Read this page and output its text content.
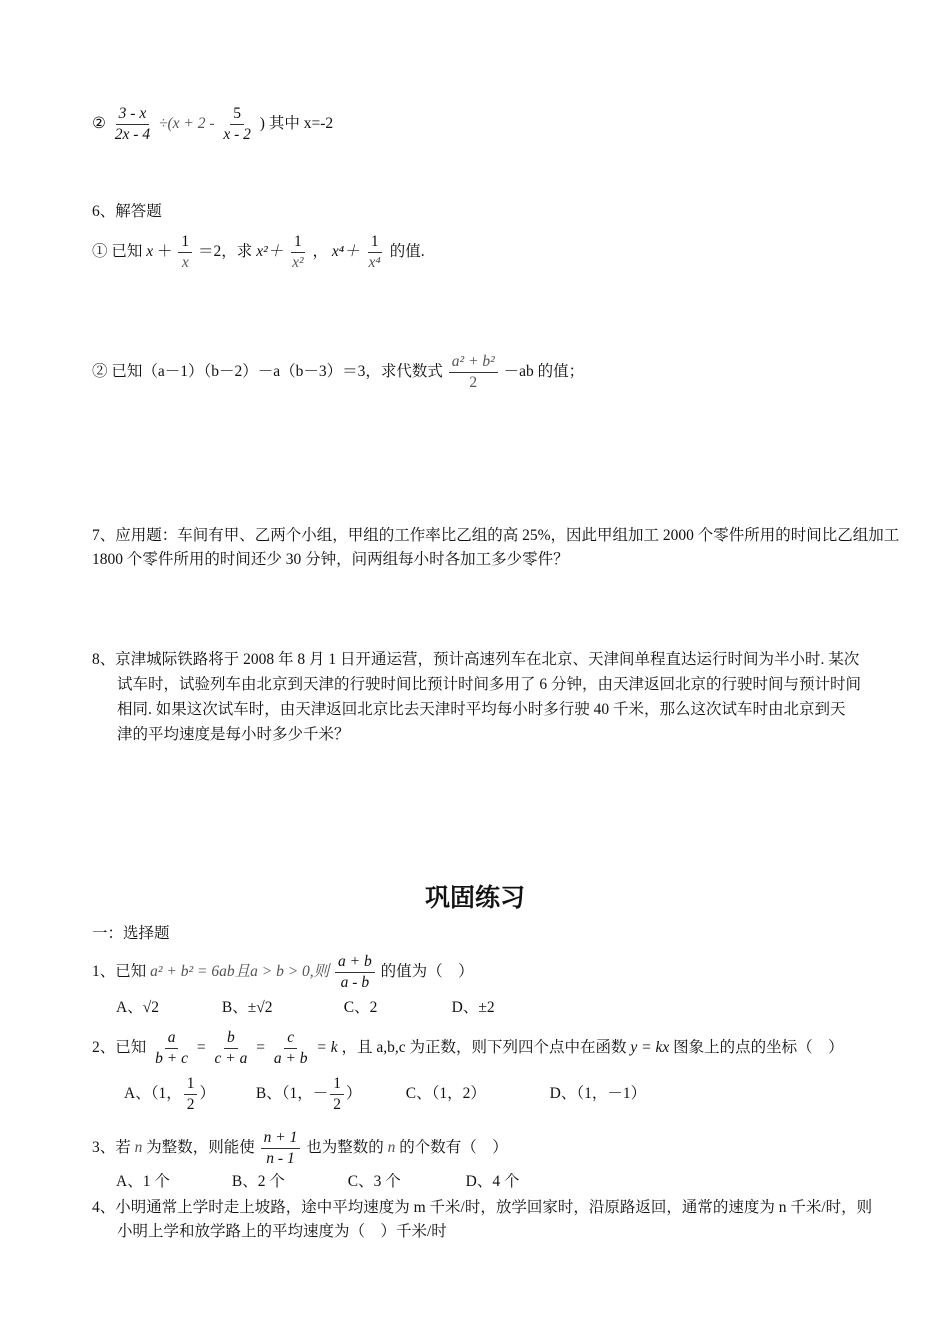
② $\frac{3 - x}{2x - 4} \div(x + 2 - \frac{5}{x - 2}$ ) 其中 x=-2
6、解答题
① 已知 $x + \frac{1}{x} =2$，求 $x^2+ \frac{1}{\text{x²}}$ ， $x^4+ \frac{1}{\text{x⁴}}$ 的值.
② 已知（a－1）（b－2）－a（b－3）＝3，求代数式 $\frac{\text{a² + b²}}{2} -ab$ 的值；
7、应用题：车间有甲、乙两个小组，甲组的工作率比乙组的高 25%，因此甲组加工 2000 个零件所用的时间比乙组加工 1800 个零件所用的时间还少 30 分钟，问两组每小时各加工多少零件？
8、京津城际铁路将于 2008 年 8 月 1 日开通运营，预计高速列车在北京、天津间单程直达运行时间为半小时. 某次
试车时，试验列车由北京到天津的行驶时间比预计时间多用了 6 分钟，由天津返回北京的行驶时间与预计时间
相同. 如果这次试车时，由天津返回北京比去天津时平均每小时多行驶 40 千米，那么这次试车时由北京到天
津的平均速度是每小时多少千米？
巩固练习
一：选择题
1、已知 a² + b² = 6ab且a > b > 0,则 $\frac{a + b}{a - b}$ 的值为（　）
A、√2	B、±√2	C、2	D、±2
2、已知 $\frac{a}{b + c} = \frac{b}{c + a} = \frac{c}{a + b} = k$ ，且 a,b,c 为正数，则下列四个点中在函数 y = kx 图象上的点的坐标（　）
A、（1， $\frac{1}{2}$ ）	B、（1，－ $\frac{1}{2}$ ）	C、（1，2）	D、（1，－1）
3、若 n 为整数，则能使 $\frac{n + 1}{n - 1}$ 也为整数的 n 的个数有（　）
A、1 个	B、2 个	C、3 个	D、4 个
4、小明通常上学时走上坡路，途中平均速度为 m 千米/时，放学回家时，沿原路返回，通常的速度为 n 千米/时，则
小明上学和放学路上的平均速度为（　）千米/时
